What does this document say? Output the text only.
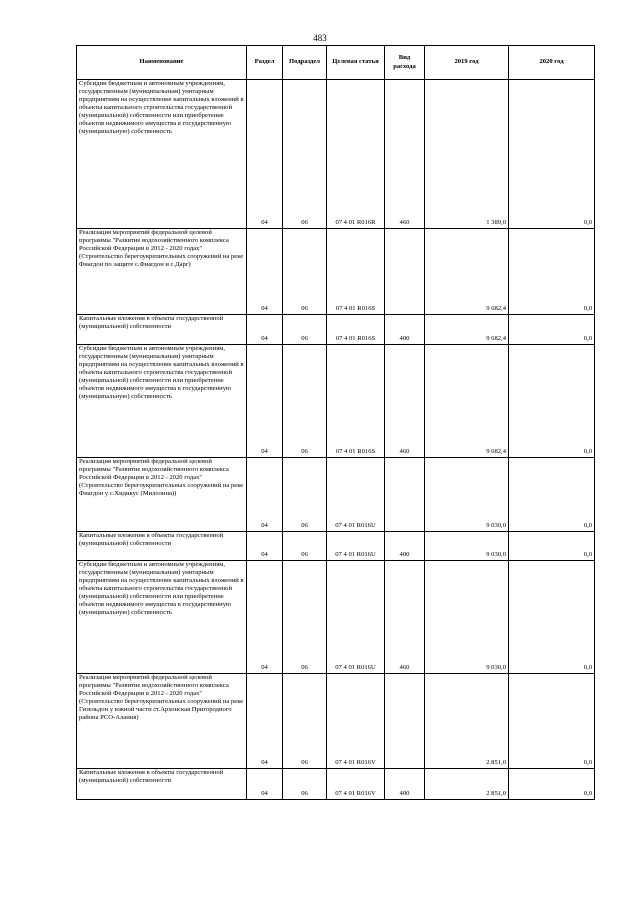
483
Наименование	Раздел	Подраздел	Целевая статья	Вид расхода	2019 год	2020 год
Субсидии бюджетным и автономным учреждениям, государственным (муниципальным) унитарным предприятиям на осуществление капитальных вложений в объекты капитального строительства государственной (муниципальной) собственности или приобретение объектов недвижимого имущества в государственную (муниципальную) собственность	04	06	07 4 01 R016R	460	1 389,0	0,0
Реализация мероприятий федеральной целевой программы "Развитие водохозяйственного комплекса Российской Федерации в 2012 - 2020 годах" (Строительство берегоукрепительных сооружений на реке Фиагдон по защите с.Фиагдон и с.Дарг)	04	06	07 4 01 R016S		9 682,4	0,0
Капитальные вложения в объекты государственной (муниципальной) собственности	04	06	07 4 01 R016S	400	9 682,4	0,0
Субсидии бюджетным и автономным учреждениям, государственным (муниципальным) унитарным предприятиям на осуществление капитальных вложений в объекты капитального строительства государственной (муниципальной) собственности или приобретение объектов недвижимого имущества в государственную (муниципальную) собственность	04	06	07 4 01 R016S	460	9 682,4	0,0
Реализация мероприятий федеральной целевой программы "Развитие водохозяйственного комплекса Российской Федерации в 2012 - 2020 годах" (Строительство берегоукрепительных сооружений на реке Фиагдон у с.Хидикус (Милолина))	04	06	07 4 01 R016U		9 030,0	0,0
Капитальные вложения в объекты государственной (муниципальной) собственности	04	06	07 4 01 R016U	400	9 030,0	0,0
Субсидии бюджетным и автономным учреждениям, государственным (муниципальным) унитарным предприятиям на осуществление капитальных вложений в объекты капитального строительства государственной (муниципальной) собственности или приобретение объектов недвижимого имущества в государственную (муниципальную) собственность	04	06	07 4 01 R016U	460	9 030,0	0,0
Реализация мероприятий федеральной целевой программы "Развитие водохозяйственного комплекса Российской Федерации в 2012 - 2020 годах" (Строительство берегоукрепительных сооружений на реке Гизельдон у южной части ст.Архонская Пригородного района РСО-Алания)	04	06	07 4 01 R016V		2 851,0	0,0
Капитальные вложения в объекты государственной (муниципальной) собственности	04	06	07 4 01 R016V	400	2 851,0	0,0
